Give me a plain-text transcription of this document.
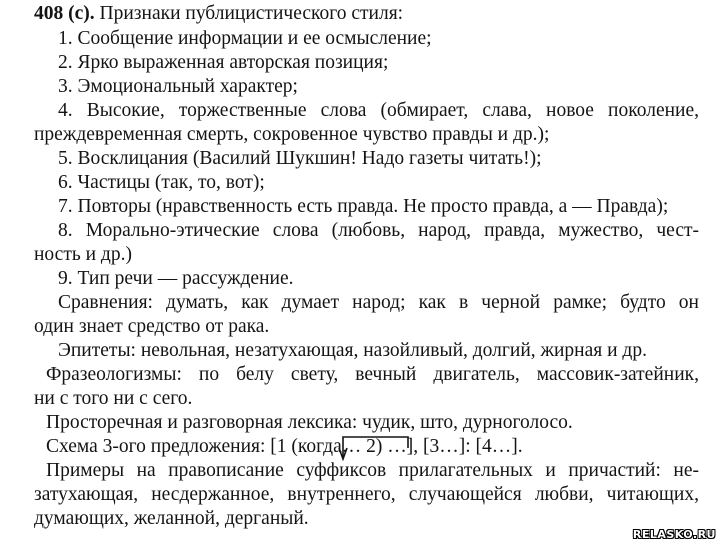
408 (с). Признаки публицистического стиля:
1. Сообщение информации и ее осмысление;
2. Ярко выраженная авторская позиция;
3. Эмоциональный характер;
4. Высокие, торжественные слова (обмирает, слава, новое поколение,
преждевременная смерть, сокровенное чувство правды и др.);
5. Восклицания (Василий Шукшин! Надо газеты читать!);
6. Частицы (так, то, вот);
7. Повторы (нравственность есть правда. Не просто правда, а — Правда);
8. Морально-этические слова (любовь, народ, правда, мужество, чест-
ность и др.)
9. Тип речи — рассуждение.
Сравнения: думать, как думает народ; как в черной рамке; будто он
один знает средство от рака.
Эпитеты: невольная, незатухающая, назойливый, долгий, жирная и др.
Фразеологизмы: по белу свету, вечный двигатель, массовик-затейник,
ни с того ни с сего.
Просторечная и разговорная лексика: чудик, што, дурноголосо.
Схема 3-ого предложения: [1 (когда… 2) …], [3…]: [4…].
Примеры на правописание суффиксов прилагательных и причастий: не-
затухающая, несдержанное, внутреннего, случающейся любви, читающих,
думающих, желанной, дерганый.
RELASKO.RU
